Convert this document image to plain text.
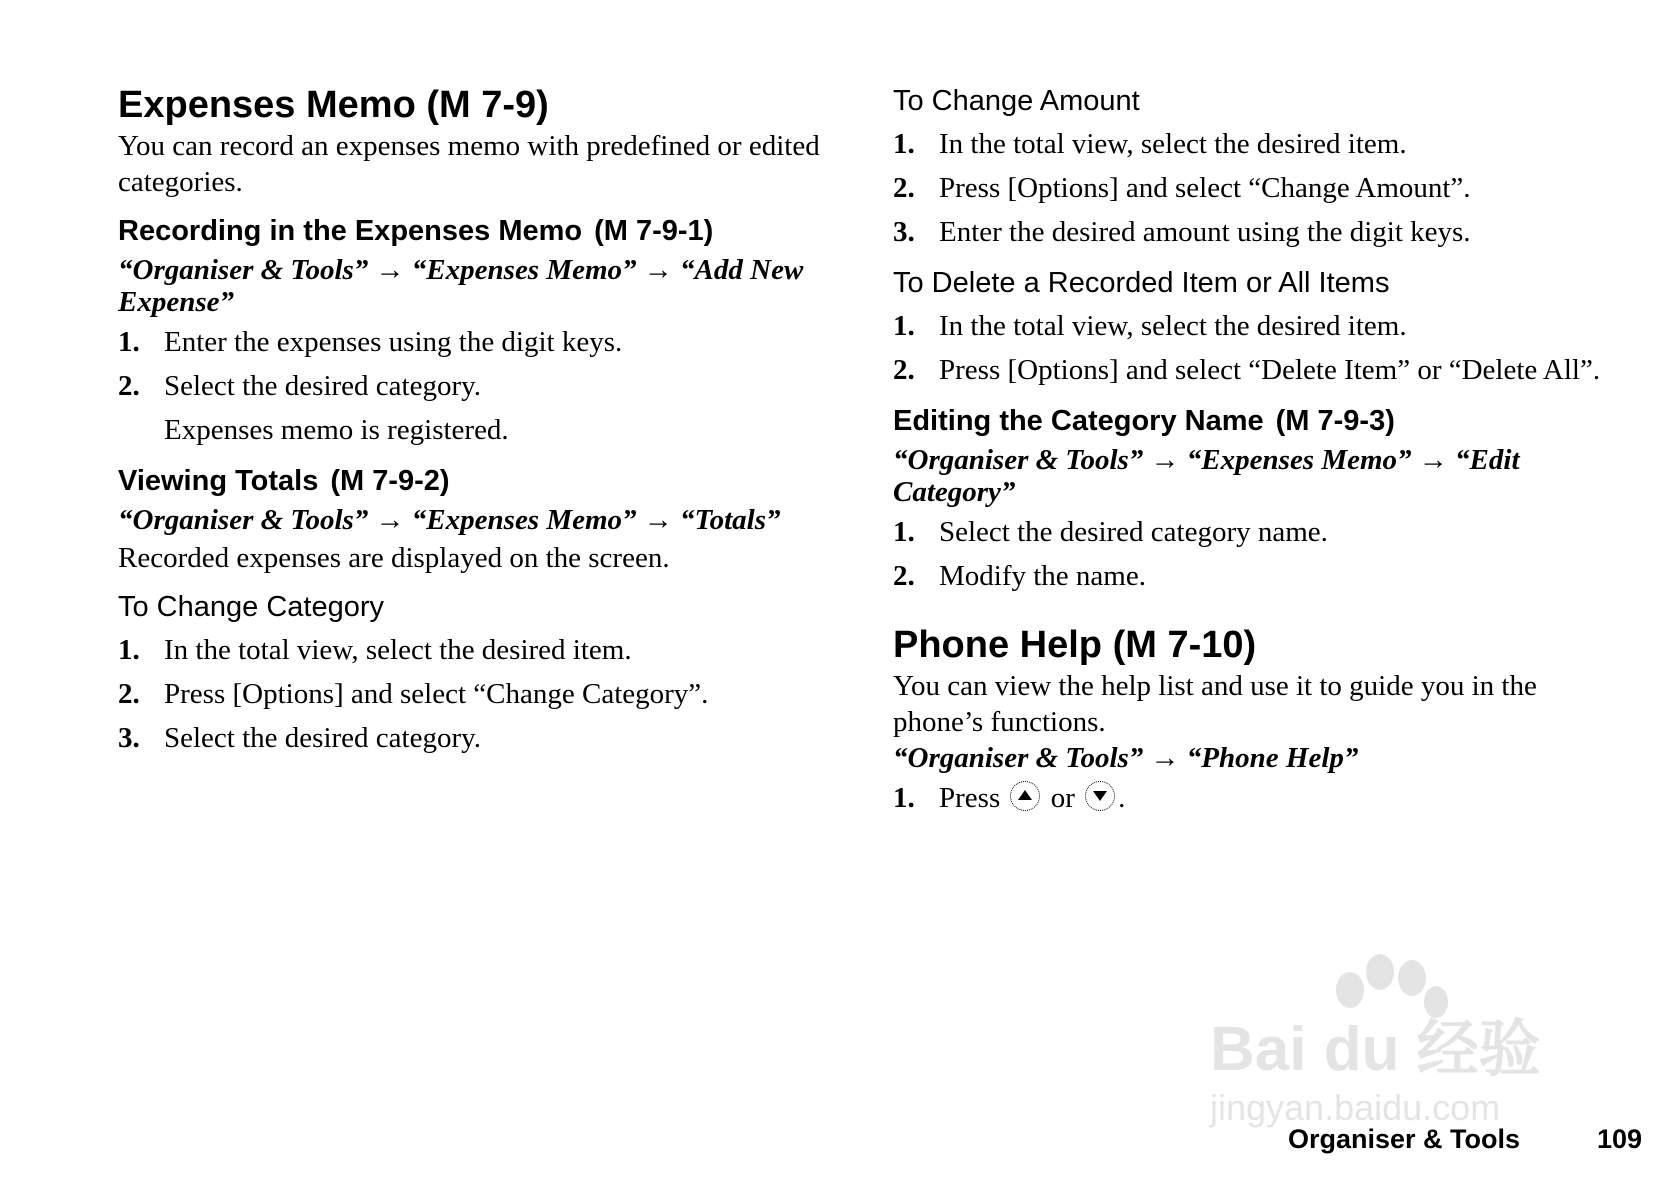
Expenses Memo (M 7-9)

You can record an expenses memo with predefined or edited categories.

Recording in the Expenses Memo (M 7-9-1)

“Organiser & Tools” → “Expenses Memo” → “Add New Expense”

1. Enter the expenses using the digit keys.
2. Select the desired category.

Expenses memo is registered.

Viewing Totals (M 7-9-2)

“Organiser & Tools” → “Expenses Memo” → “Totals”

Recorded expenses are displayed on the screen.

To Change Category
1. In the total view, select the desired item.
2. Press [Options] and select “Change Category”.
3. Select the desired category.
To Change Amount
1. In the total view, select the desired item.
2. Press [Options] and select “Change Amount”.
3. Enter the desired amount using the digit keys.
To Delete a Recorded Item or All Items
1. In the total view, select the desired item.
2. Press [Options] and select “Delete Item” or “Delete All”.
Editing the Category Name (M 7-9-3)

“Organiser & Tools” → “Expenses Memo” → “Edit Category”

1. Select the desired category name.
2. Modify the name.
Phone Help (M 7-10)

You can view the help list and use it to guide you in the phone’s functions.

“Organiser & Tools” → “Phone Help”

1. Press or .
Bai du 经验
jingyan.baidu.com
Organiser & Tools	109
